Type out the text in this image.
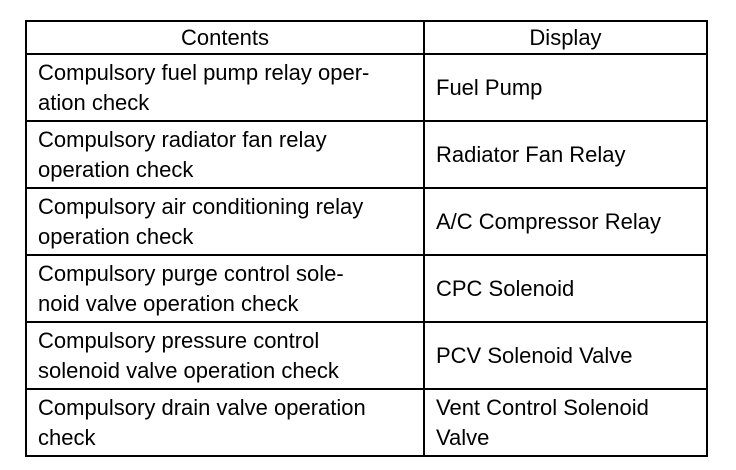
Contents	Display

Compulsory fuel pump relay oper-
ation check	Fuel Pump

Compulsory radiator fan relay
operation check	Radiator Fan Relay

Compulsory air conditioning relay
operation check	A/C Compressor Relay

Compulsory purge control sole-
noid valve operation check	CPC Solenoid

Compulsory pressure control
solenoid valve operation check	PCV Solenoid Valve

Compulsory drain valve operation
check	Vent Control Solenoid
Valve
